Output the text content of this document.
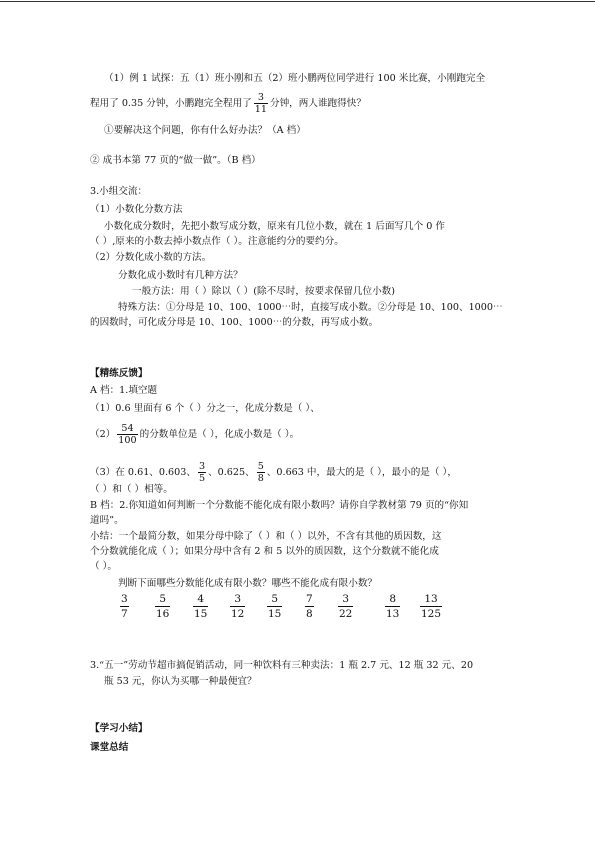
（1）例 1 试探：五（1）班小刚和五（2）班小鹏两位同学进行 100 米比赛，小刚跑完全
程用了 0.35 分钟，小鹏跑完全程用了 $\frac{3}{11}$ 分钟，两人谁跑得快？
①要解决这个问题，你有什么好办法？（A 档）
② 成书本第 77 页的“做一做”。（B 档）
3.小组交流：
（1）小数化分数方法
小数化成分数时，先把小数写成分数，原来有几位小数，就在 1 后面写几个 0 作
（ ）,原来的小数去掉小数点作（ ）。注意能约分的要约分。
（2）分数化成小数的方法。
分数化成小数时有几种方法？
一般方法：用（ ）除以（ ）(除不尽时，按要求保留几位小数)
特殊方法：①分母是 10、100、1000⋯时，直接写成小数。②分母是 10、100、1000⋯
的因数时，可化成分母是 10、100、1000⋯的分数，再写成小数。
【精练反馈】
A 档：1.填空题
（1）0.6 里面有 6 个（ ）分之一，化成分数是（ ）、
$(2) \frac{54}{100}$ 的分数单位是（ ），化成小数是（ ）。
（3）在 0.61、0.603、 $\frac{3}{5}$ 、0.625、 $\frac{5}{8}$ 、0.663 中，最大的是（ ），最小的是（ ），
（ ）和（ ）相等。
B 档：2.你知道如何判断一个分数能不能化成有限小数吗？请你自学教材第 79 页的“你知
道吗”。
小结：一个最简分数，如果分母中除了（ ）和（ ）以外，不含有其他的质因数，这
个分数就能化成（ ）；如果分母中含有 2 和 5 以外的质因数，这个分数就不能化成
（ ）。
判断下面哪些分数能化成有限小数？哪些不能化成有限小数？
$\frac{3}{7}$	$\frac{5}{16} \frac{4}{15} \frac{3}{12} \frac{5}{15} \frac{7}{8} \frac{3}{22}$	$\frac{8}{13} \frac{13}{125}$
3.“五一”劳动节超市搞促销活动，同一种饮料有三种卖法：1 瓶 2.7 元、12 瓶 32 元、20
瓶 53 元，你认为买哪一种最便宜？
【学习小结】
课堂总结
